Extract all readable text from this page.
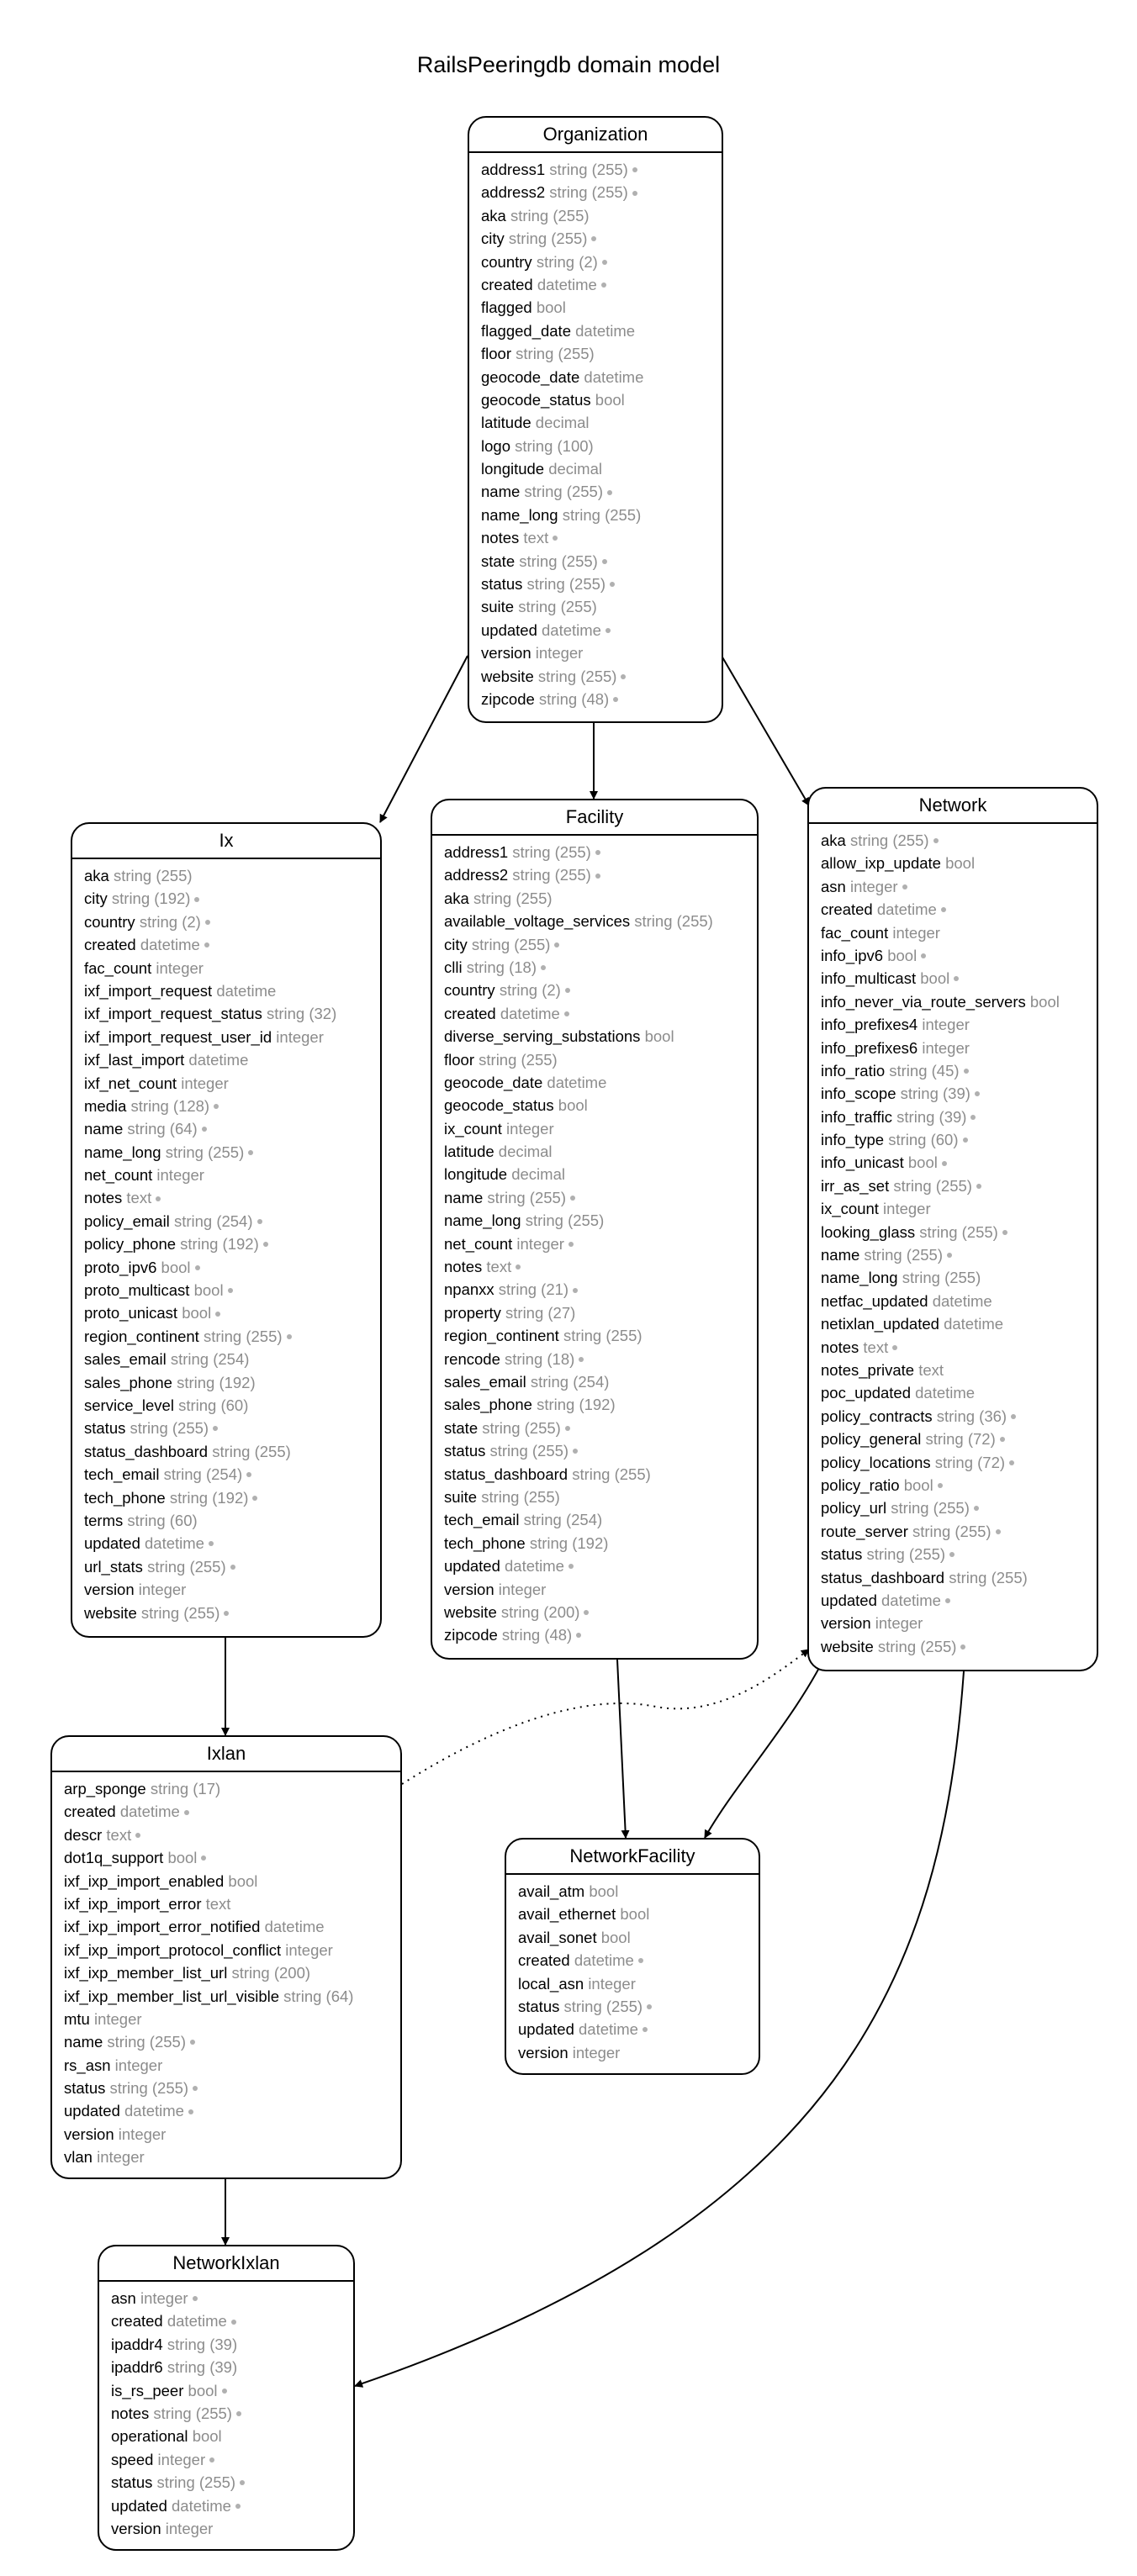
RailsPeeringdb domain model
Organization
address1 string (255)
address2 string (255)
aka string (255)
city string (255)
country string (2)
created datetime
flagged bool
flagged_date datetime
floor string (255)
geocode_date datetime
geocode_status bool
latitude decimal
logo string (100)
longitude decimal
name string (255)
name_long string (255)
notes text
state string (255)
status string (255)
suite string (255)
updated datetime
version integer
website string (255)
zipcode string (48)
Ix
aka string (255)
city string (192)
country string (2)
created datetime
fac_count integer
ixf_import_request datetime
ixf_import_request_status string (32)
ixf_import_request_user_id integer
ixf_last_import datetime
ixf_net_count integer
media string (128)
name string (64)
name_long string (255)
net_count integer
notes text
policy_email string (254)
policy_phone string (192)
proto_ipv6 bool
proto_multicast bool
proto_unicast bool
region_continent string (255)
sales_email string (254)
sales_phone string (192)
service_level string (60)
status string (255)
status_dashboard string (255)
tech_email string (254)
tech_phone string (192)
terms string (60)
updated datetime
url_stats string (255)
version integer
website string (255)
Facility
address1 string (255)
address2 string (255)
aka string (255)
available_voltage_services string (255)
city string (255)
clli string (18)
country string (2)
created datetime
diverse_serving_substations bool
floor string (255)
geocode_date datetime
geocode_status bool
ix_count integer
latitude decimal
longitude decimal
name string (255)
name_long string (255)
net_count integer
notes text
npanxx string (21)
property string (27)
region_continent string (255)
rencode string (18)
sales_email string (254)
sales_phone string (192)
state string (255)
status string (255)
status_dashboard string (255)
suite string (255)
tech_email string (254)
tech_phone string (192)
updated datetime
version integer
website string (200)
zipcode string (48)
Network
aka string (255)
allow_ixp_update bool
asn integer
created datetime
fac_count integer
info_ipv6 bool
info_multicast bool
info_never_via_route_servers bool
info_prefixes4 integer
info_prefixes6 integer
info_ratio string (45)
info_scope string (39)
info_traffic string (39)
info_type string (60)
info_unicast bool
irr_as_set string (255)
ix_count integer
looking_glass string (255)
name string (255)
name_long string (255)
netfac_updated datetime
netixlan_updated datetime
notes text
notes_private text
poc_updated datetime
policy_contracts string (36)
policy_general string (72)
policy_locations string (72)
policy_ratio bool
policy_url string (255)
route_server string (255)
status string (255)
status_dashboard string (255)
updated datetime
version integer
website string (255)
Ixlan
arp_sponge string (17)
created datetime
descr text
dot1q_support bool
ixf_ixp_import_enabled bool
ixf_ixp_import_error text
ixf_ixp_import_error_notified datetime
ixf_ixp_import_protocol_conflict integer
ixf_ixp_member_list_url string (200)
ixf_ixp_member_list_url_visible string (64)
mtu integer
name string (255)
rs_asn integer
status string (255)
updated datetime
version integer
vlan integer
NetworkFacility
avail_atm bool
avail_ethernet bool
avail_sonet bool
created datetime
local_asn integer
status string (255)
updated datetime
version integer
NetworkIxlan
asn integer
created datetime
ipaddr4 string (39)
ipaddr6 string (39)
is_rs_peer bool
notes string (255)
operational bool
speed integer
status string (255)
updated datetime
version integer
